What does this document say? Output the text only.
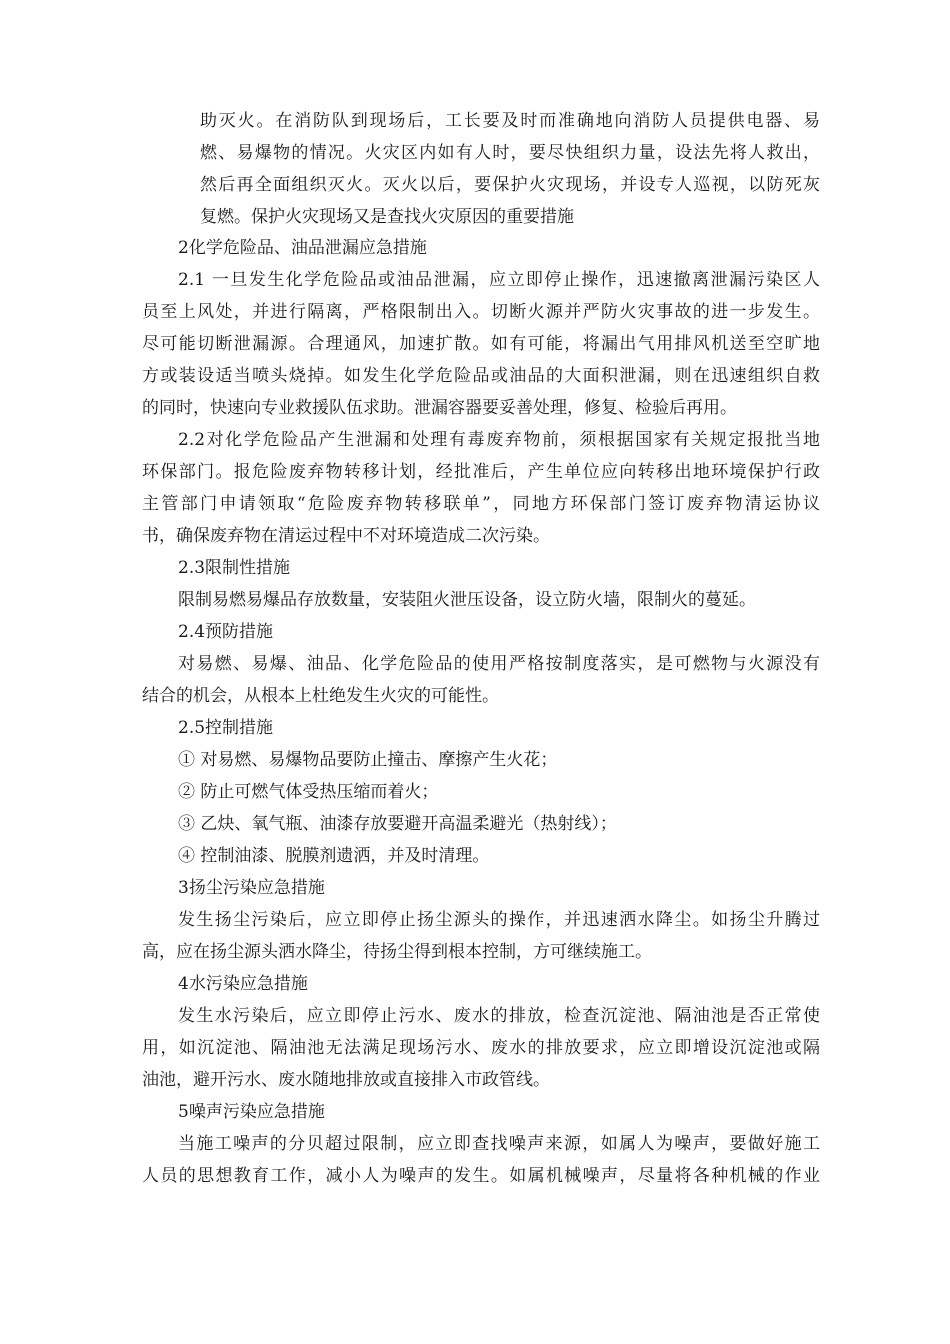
助灭火。在消防队到现场后，工长要及时而准确地向消防人员提供电器、易
燃、易爆物的情况。火灾区内如有人时，要尽快组织力量，设法先将人救出，
然后再全面组织灭火。灭火以后，要保护火灾现场，并设专人巡视，以防死灰
复燃。保护火灾现场又是查找火灾原因的重要措施
2化学危险品、油品泄漏应急措施
2.1 一旦发生化学危险品或油品泄漏，应立即停止操作，迅速撤离泄漏污染区人
员至上风处，并进行隔离，严格限制出入。切断火源并严防火灾事故的进一步发生。
尽可能切断泄漏源。合理通风，加速扩散。如有可能，将漏出气用排风机送至空旷地
方或装设适当喷头烧掉。如发生化学危险品或油品的大面积泄漏，则在迅速组织自救
的同时，快速向专业救援队伍求助。泄漏容器要妥善处理，修复、检验后再用。
2.2对化学危险品产生泄漏和处理有毒废弃物前，须根据国家有关规定报批当地
环保部门。报危险废弃物转移计划，经批准后，产生单位应向转移出地环境保护行政
主管部门申请领取“危险废弃物转移联单”，同地方环保部门签订废弃物清运协议
书，确保废弃物在清运过程中不对环境造成二次污染。
2.3限制性措施
限制易燃易爆品存放数量，安装阻火泄压设备，设立防火墙，限制火的蔓延。
2.4预防措施
对易燃、易爆、油品、化学危险品的使用严格按制度落实，是可燃物与火源没有
结合的机会，从根本上杜绝发生火灾的可能性。
2.5控制措施
① 对易燃、易爆物品要防止撞击、摩擦产生火花；
② 防止可燃气体受热压缩而着火；
③ 乙炔、氧气瓶、油漆存放要避开高温柔避光（热射线）；
④ 控制油漆、脱膜剂遗洒，并及时清理。
3扬尘污染应急措施
发生扬尘污染后，应立即停止扬尘源头的操作，并迅速洒水降尘。如扬尘升腾过
高，应在扬尘源头洒水降尘，待扬尘得到根本控制，方可继续施工。
4水污染应急措施
发生水污染后，应立即停止污水、废水的排放，检查沉淀池、隔油池是否正常使
用，如沉淀池、隔油池无法满足现场污水、废水的排放要求，应立即增设沉淀池或隔
油池，避开污水、废水随地排放或直接排入市政管线。
5噪声污染应急措施
当施工噪声的分贝超过限制，应立即查找噪声来源，如属人为噪声，要做好施工
人员的思想教育工作，减小人为噪声的发生。如属机械噪声，尽量将各种机械的作业
